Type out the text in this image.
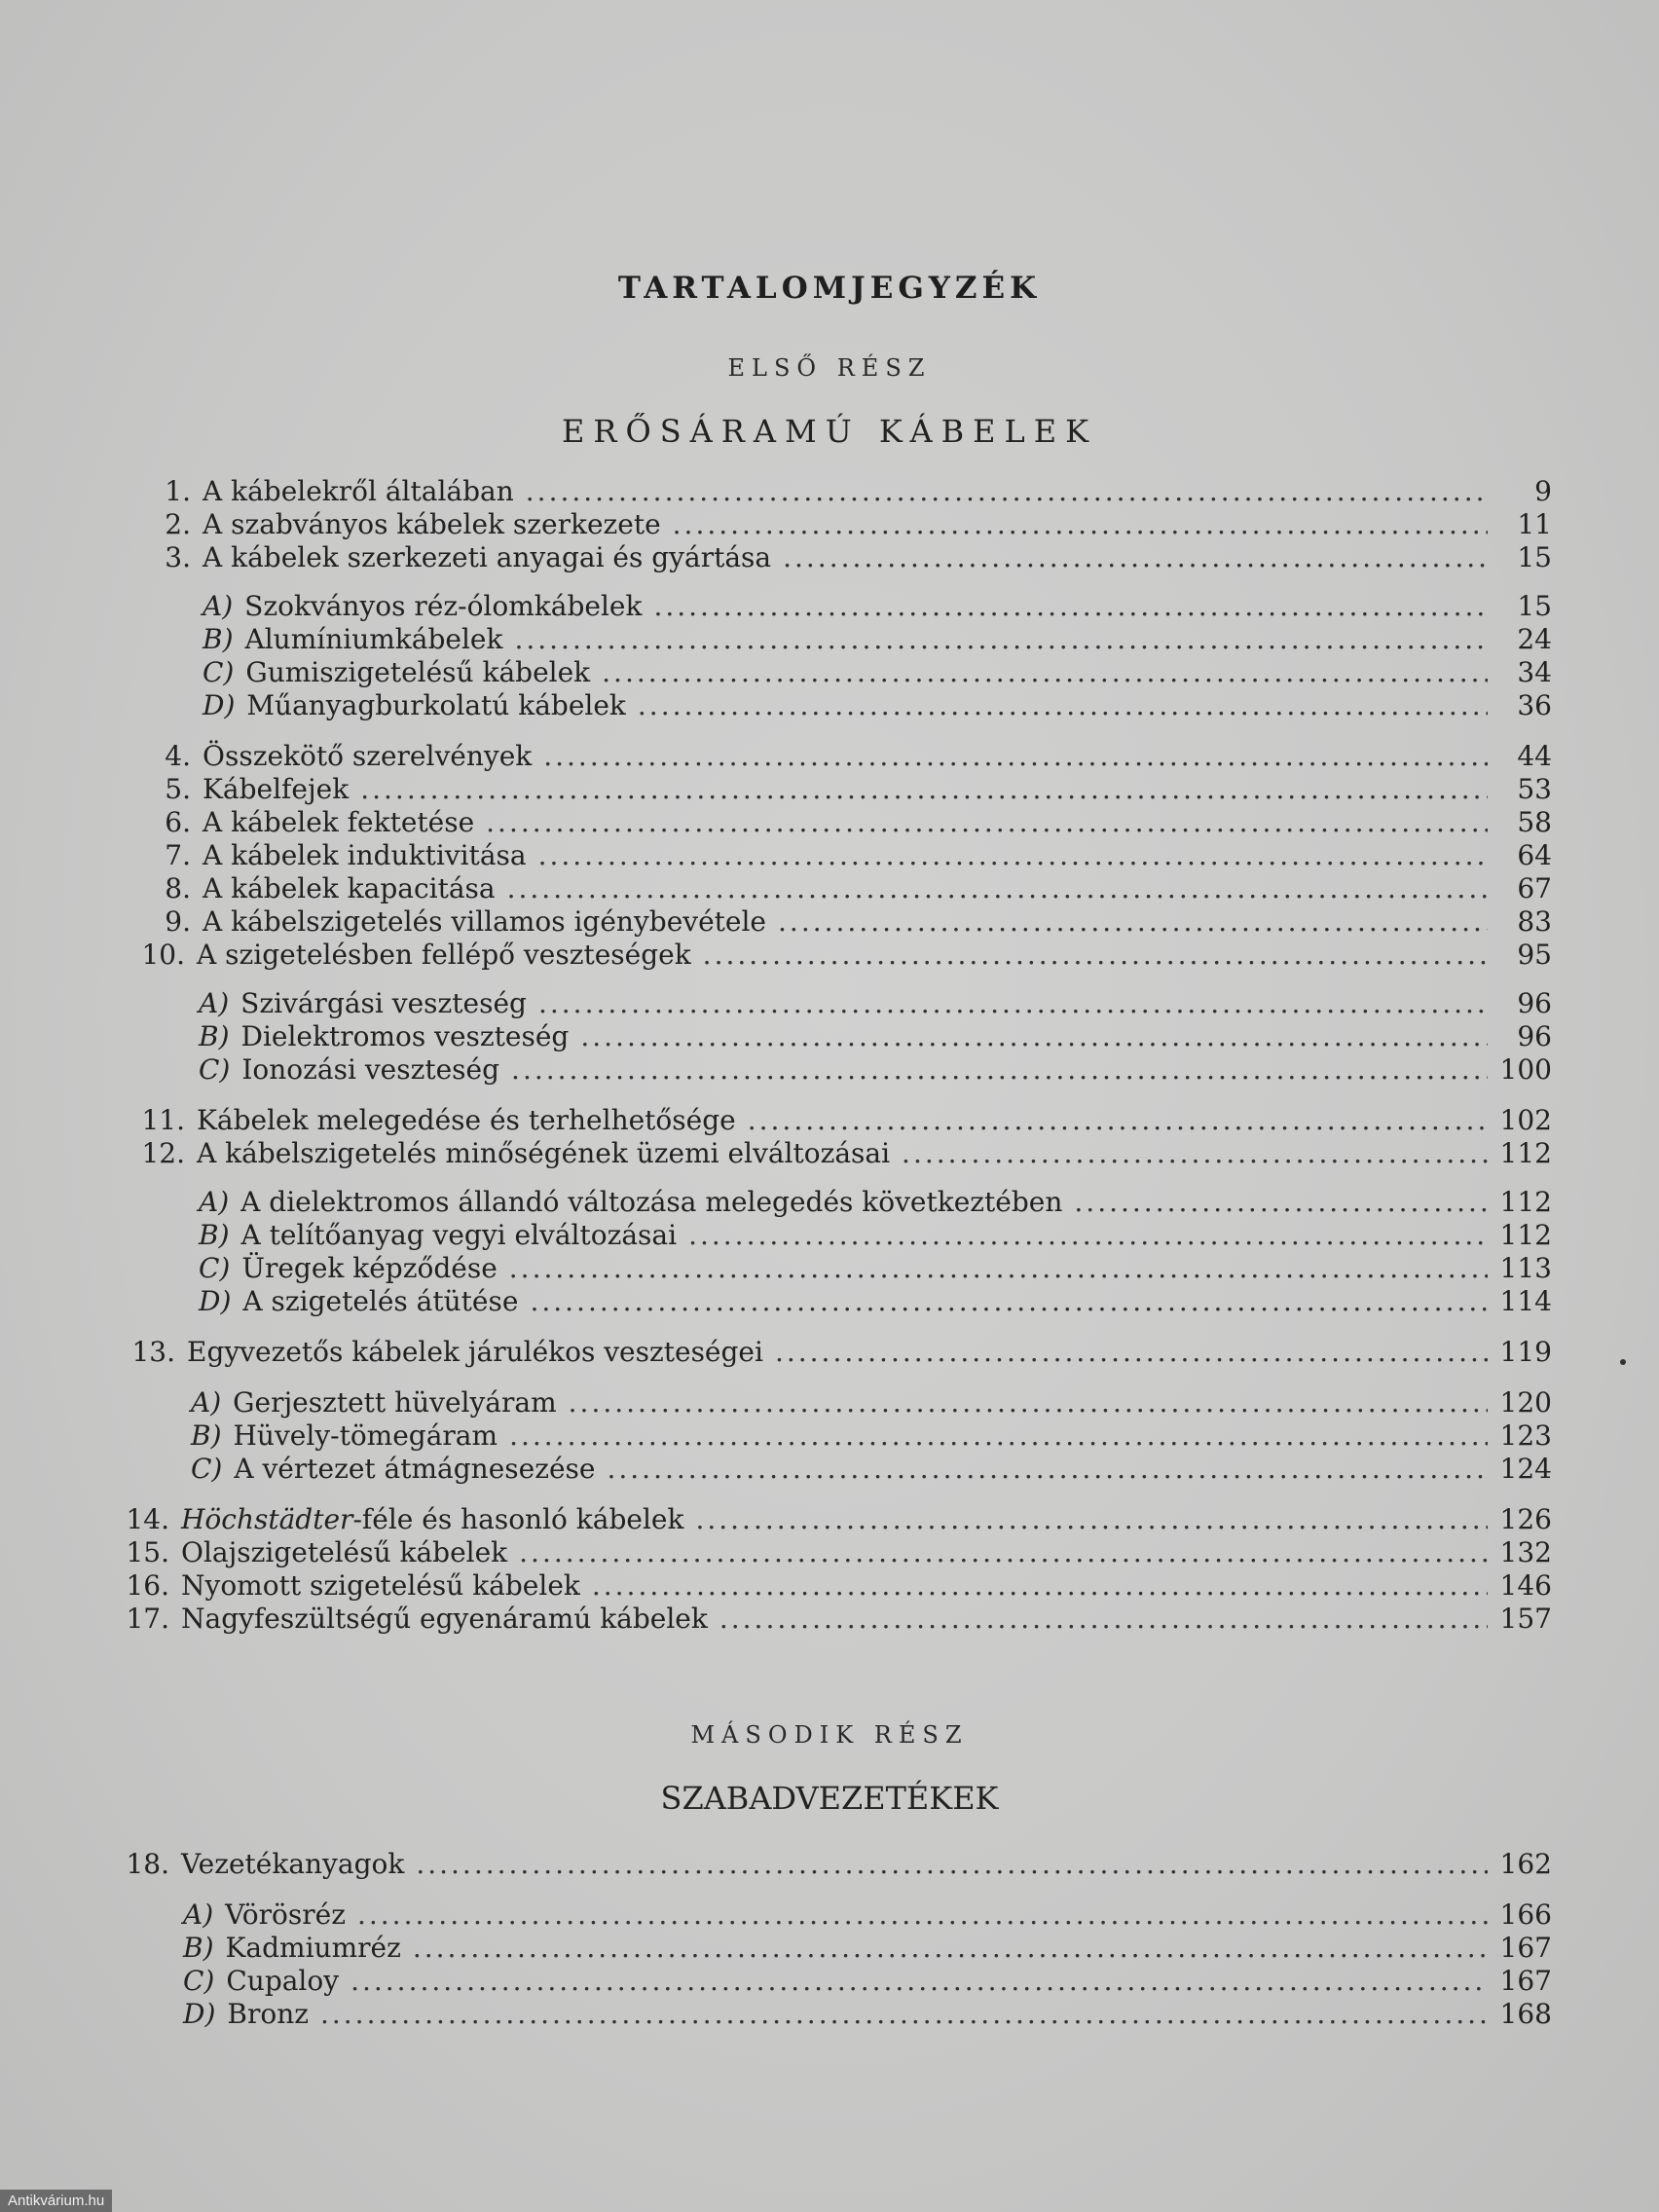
TARTALOMJEGYZÉK
ELSŐ RÉSZ
ERŐSÁRAMÚ KÁBELEK
MÁSODIK RÉSZ
SZABADVEZETÉKEK
1. A kábelekről általában .....	9
2. A szabványos kábelek szerkezete .....	11
3. A kábelek szerkezeti anyagai és gyártása .....	15
A) Szokványos réz-ólomkábelek .....	15
B) Alumíniumkábelek .....	24
C) Gumiszigetelésű kábelek .....	34
D) Műanyagburkolatú kábelek .....	36
4. Összekötő szerelvények .....	44
5. Kábelfejek .....	53
6. A kábelek fektetése .....	58
7. A kábelek induktivitása .....	64
8. A kábelek kapacitása .....	67
9. A kábelszigetelés villamos igénybevétele .....	83
10. A szigetelésben fellépő veszteségek .....	95
A) Szivárgási veszteség .....	96
B) Dielektromos veszteség .....	96
C) Ionozási veszteség .....	100
11. Kábelek melegedése és terhelhetősége .....	102
12. A kábelszigetelés minőségének üzemi elváltozásai .....	112
A) A dielektromos állandó változása melegedés következtében .....	112
B) A telítőanyag vegyi elváltozásai .....	112
C) Üregek képződése .....	113
D) A szigetelés átütése .....	114
13. Egyvezetős kábelek járulékos veszteségei .....	119
A) Gerjesztett hüvelyáram .....	120
B) Hüvely-tömegáram .....	123
C) A vértezet átmágnesezése .....	124
14. Höchstädter-féle és hasonló kábelek .....	126
15. Olajszigetelésű kábelek .....	132
16. Nyomott szigetelésű kábelek .....	146
17. Nagyfeszültségű egyenáramú kábelek .....	157
18. Vezetékanyagok .....	162
A) Vörösréz .....	166
B) Kadmiumréz .....	167
C) Cupaloy .....	167
D) Bronz .....	168
Antikvárium.hu
